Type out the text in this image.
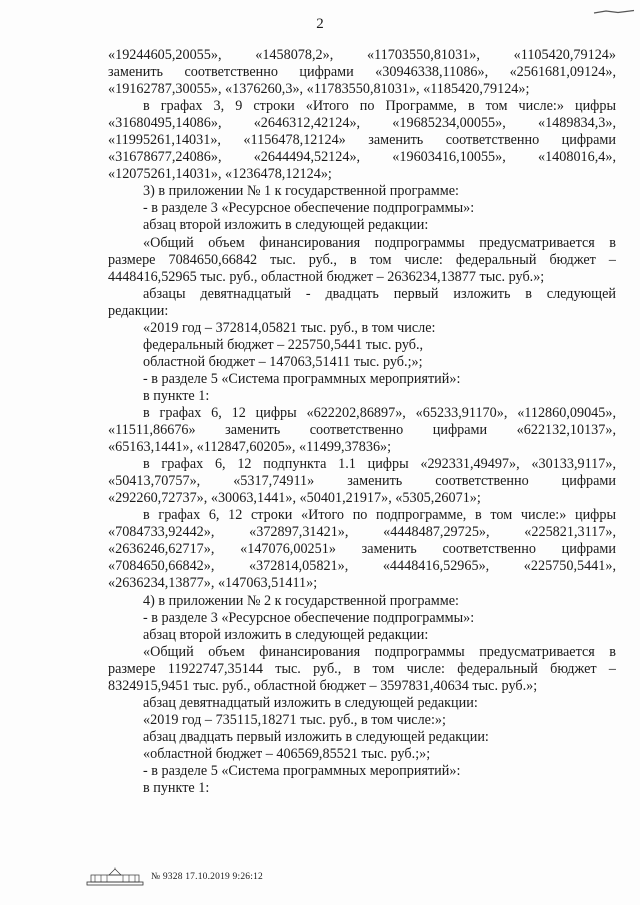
2
«19244605,20055», «1458078,2», «11703550,81031», «1105420,79124»
заменить соответственно цифрами «30946338,11086», «2561681,09124»,
«19162787,30055», «1376260,3», «11783550,81031», «1185420,79124»;
в графах 3, 9 строки «Итого по Программе, в том числе:» цифры
«31680495,14086», «2646312,42124», «19685234,00055», «1489834,3»,
«11995261,14031», «1156478,12124» заменить соответственно цифрами
«31678677,24086», «2644494,52124», «19603416,10055», «1408016,4»,
«12075261,14031», «1236478,12124»;
3) в приложении № 1 к государственной программе:
- в разделе 3 «Ресурсное обеспечение подпрограммы»:
абзац второй изложить в следующей редакции:
«Общий объем финансирования подпрограммы предусматривается в
размере 7084650,66842 тыс. руб., в том числе: федеральный бюджет –
4448416,52965 тыс. руб., областной бюджет – 2636234,13877 тыс. руб.»;
абзацы девятнадцатый - двадцать первый изложить в следующей
редакции:
«2019 год – 372814,05821 тыс. руб., в том числе:
федеральный бюджет – 225750,5441 тыс. руб.,
областной бюджет – 147063,51411 тыс. руб.;»;
- в разделе 5 «Система программных мероприятий»:
в пункте 1:
в графах 6, 12 цифры «622202,86897», «65233,91170», «112860,09045»,
«11511,86676» заменить соответственно цифрами «622132,10137»,
«65163,1441», «112847,60205», «11499,37836»;
в графах 6, 12 подпункта 1.1 цифры «292331,49497», «30133,9117»,
«50413,70757», «5317,74911» заменить соответственно цифрами
«292260,72737», «30063,1441», «50401,21917», «5305,26071»;
в графах 6, 12 строки «Итого по подпрограмме, в том числе:» цифры
«7084733,92442», «372897,31421», «4448487,29725», «225821,3117»,
«2636246,62717», «147076,00251» заменить соответственно цифрами
«7084650,66842», «372814,05821», «4448416,52965», «225750,5441»,
«2636234,13877», «147063,51411»;
4) в приложении № 2 к государственной программе:
- в разделе 3 «Ресурсное обеспечение подпрограммы»:
абзац второй изложить в следующей редакции:
«Общий объем финансирования подпрограммы предусматривается в
размере 11922747,35144 тыс. руб., в том числе: федеральный бюджет –
8324915,9451 тыс. руб., областной бюджет – 3597831,40634 тыс. руб.»;
абзац девятнадцатый изложить в следующей редакции:
«2019 год – 735115,18271 тыс. руб., в том числе:»;
абзац двадцать первый изложить в следующей редакции:
«областной бюджет – 406569,85521 тыс. руб.;»;
- в разделе 5 «Система программных мероприятий»:
в пункте 1:
№ 9328 17.10.2019 9:26:12
